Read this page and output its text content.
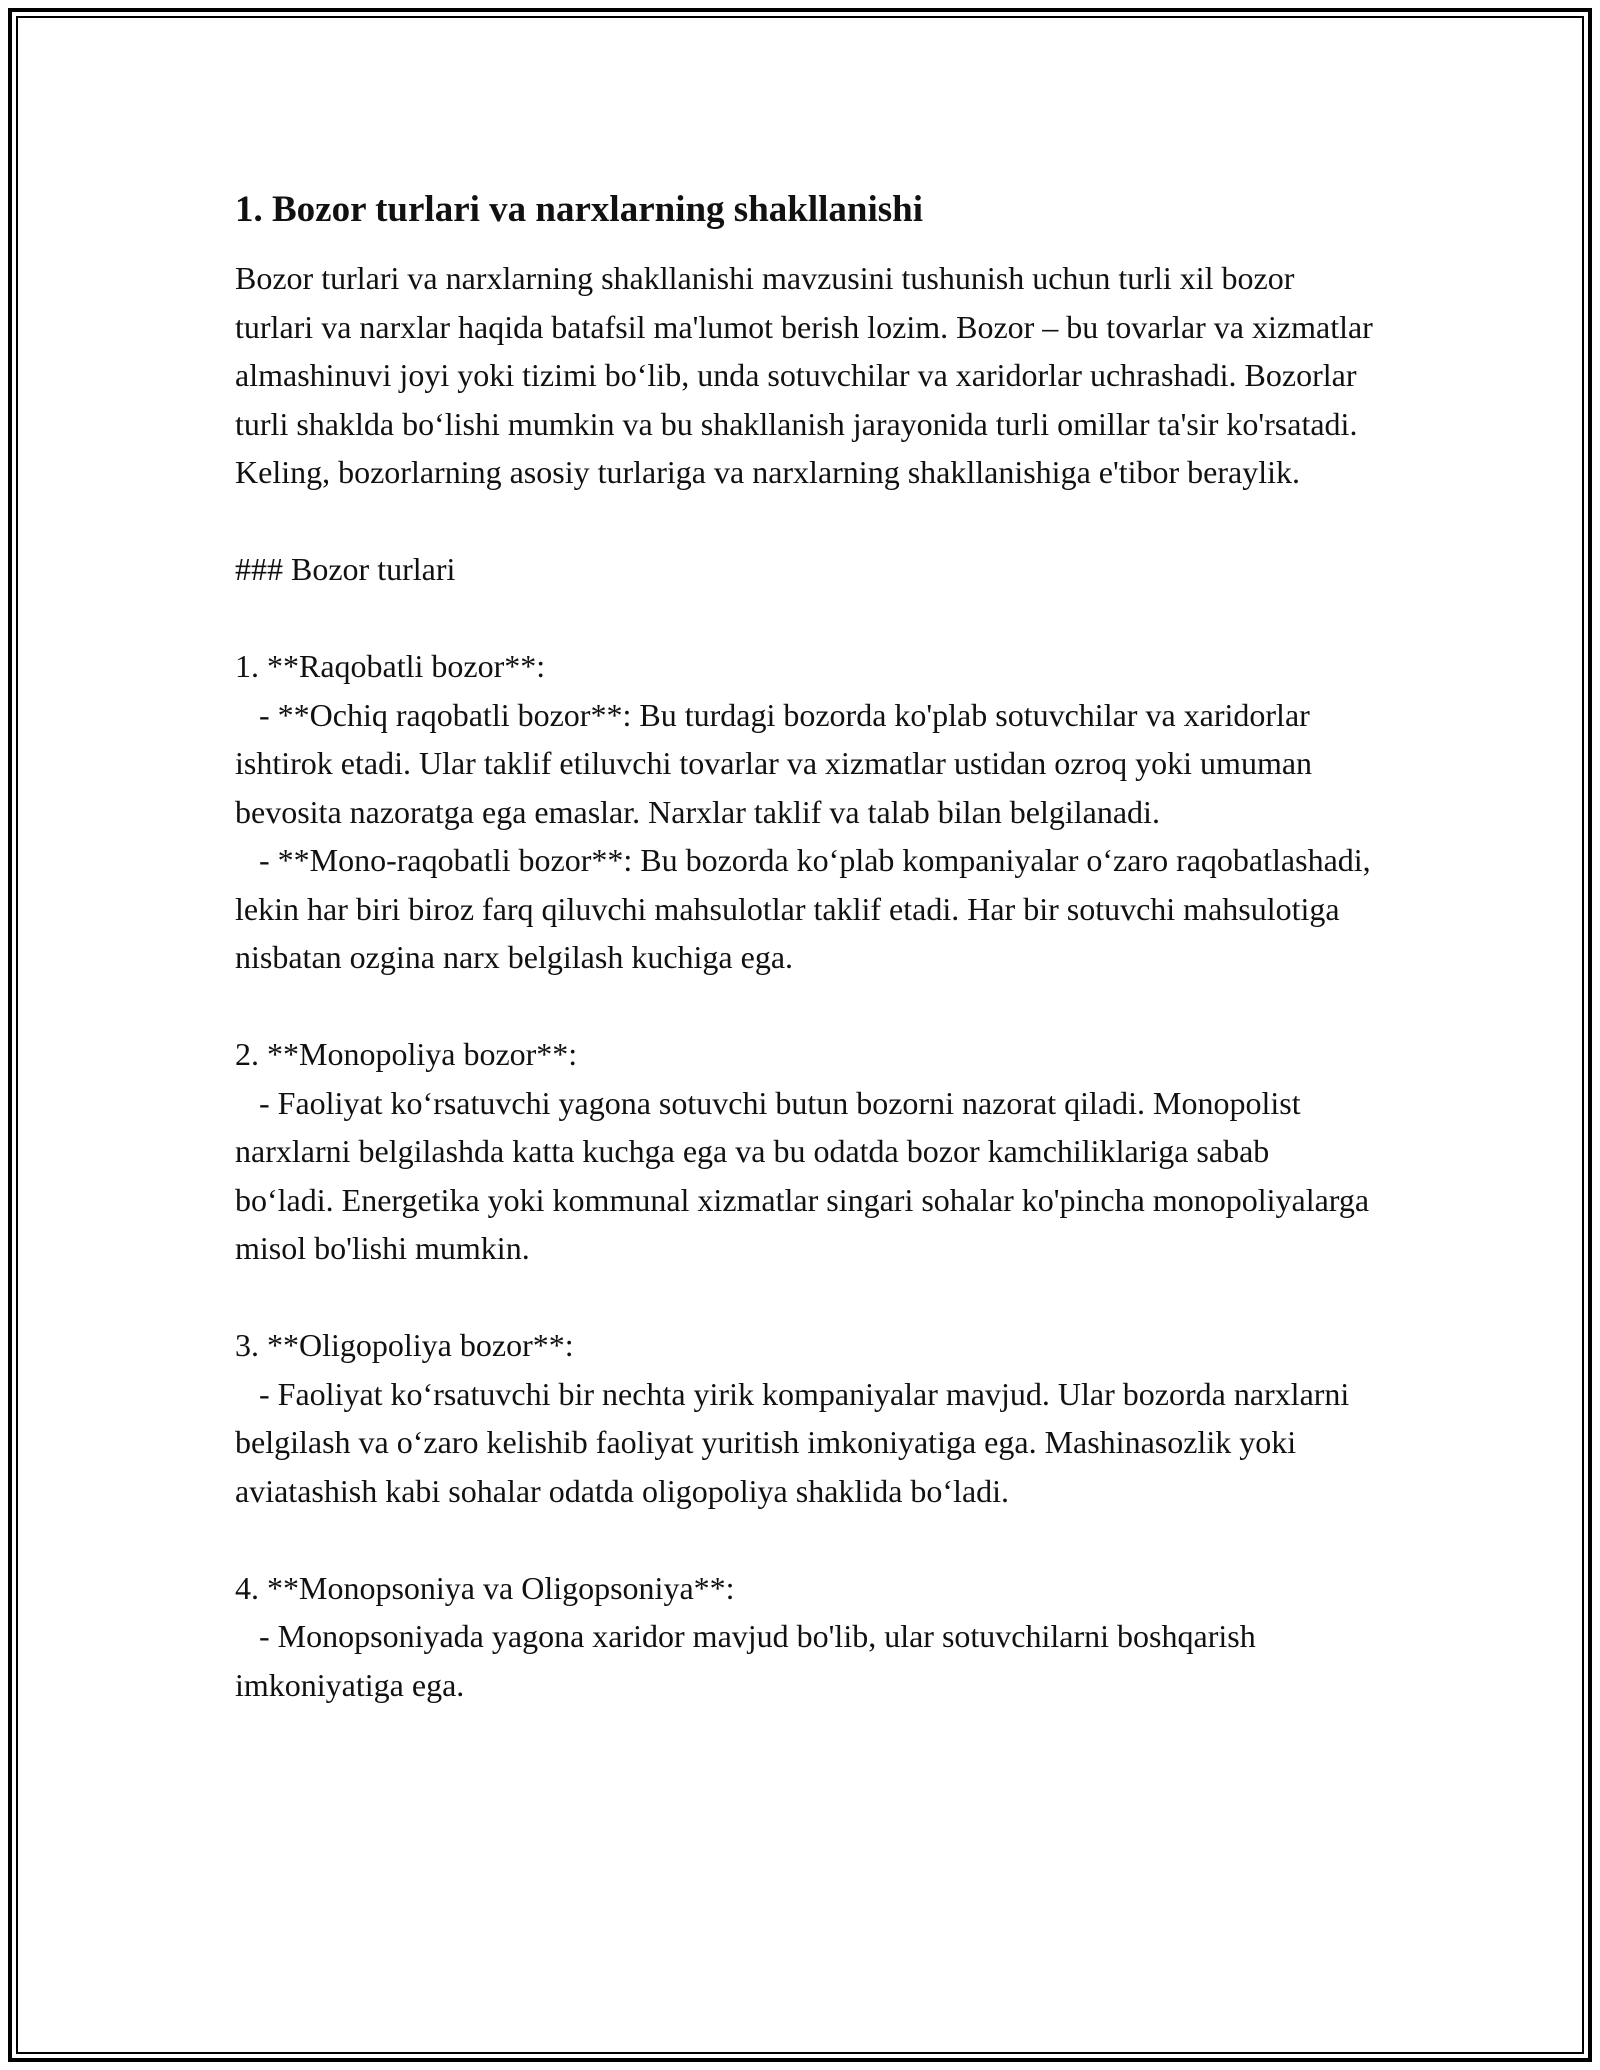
1. Bozor turlari va narxlarning shakllanishi

Bozor turlari va narxlarning shakllanishi mavzusini tushunish uchun turli xil bozor turlari va narxlar haqida batafsil ma'lumot berish lozim. Bozor – bu tovarlar va xizmatlar almashinuvi joyi yoki tizimi bo‘lib, unda sotuvchilar va xaridorlar uchrashadi. Bozorlar turli shaklda bo‘lishi mumkin va bu shakllanish jarayonida turli omillar ta'sir ko'rsatadi. Keling, bozorlarning asosiy turlariga va narxlarning shakllanishiga e'tibor beraylik.

### Bozor turlari

1. **Raqobatli bozor**:

- **Ochiq raqobatli bozor**: Bu turdagi bozorda ko'plab sotuvchilar va xaridorlar ishtirok etadi. Ular taklif etiluvchi tovarlar va xizmatlar ustidan ozroq yoki umuman bevosita nazoratga ega emaslar. Narxlar taklif va talab bilan belgilanadi.

- **Mono-raqobatli bozor**: Bu bozorda ko‘plab kompaniyalar o‘zaro raqobatlashadi, lekin har biri biroz farq qiluvchi mahsulotlar taklif etadi. Har bir sotuvchi mahsulotiga nisbatan ozgina narx belgilash kuchiga ega.

2. **Monopoliya bozor**:

- Faoliyat ko‘rsatuvchi yagona sotuvchi butun bozorni nazorat qiladi. Monopolist narxlarni belgilashda katta kuchga ega va bu odatda bozor kamchiliklariga sabab bo‘ladi. Energetika yoki kommunal xizmatlar singari sohalar ko'pincha monopoliyalarga misol bo'lishi mumkin.

3. **Oligopoliya bozor**:

- Faoliyat ko‘rsatuvchi bir nechta yirik kompaniyalar mavjud. Ular bozorda narxlarni belgilash va o‘zaro kelishib faoliyat yuritish imkoniyatiga ega. Mashinasozlik yoki aviatashish kabi sohalar odatda oligopoliya shaklida bo‘ladi.

4. **Monopsoniya va Oligopsoniya**:

- Monopsoniyada yagona xaridor mavjud bo'lib, ular sotuvchilarni boshqarish imkoniyatiga ega.
